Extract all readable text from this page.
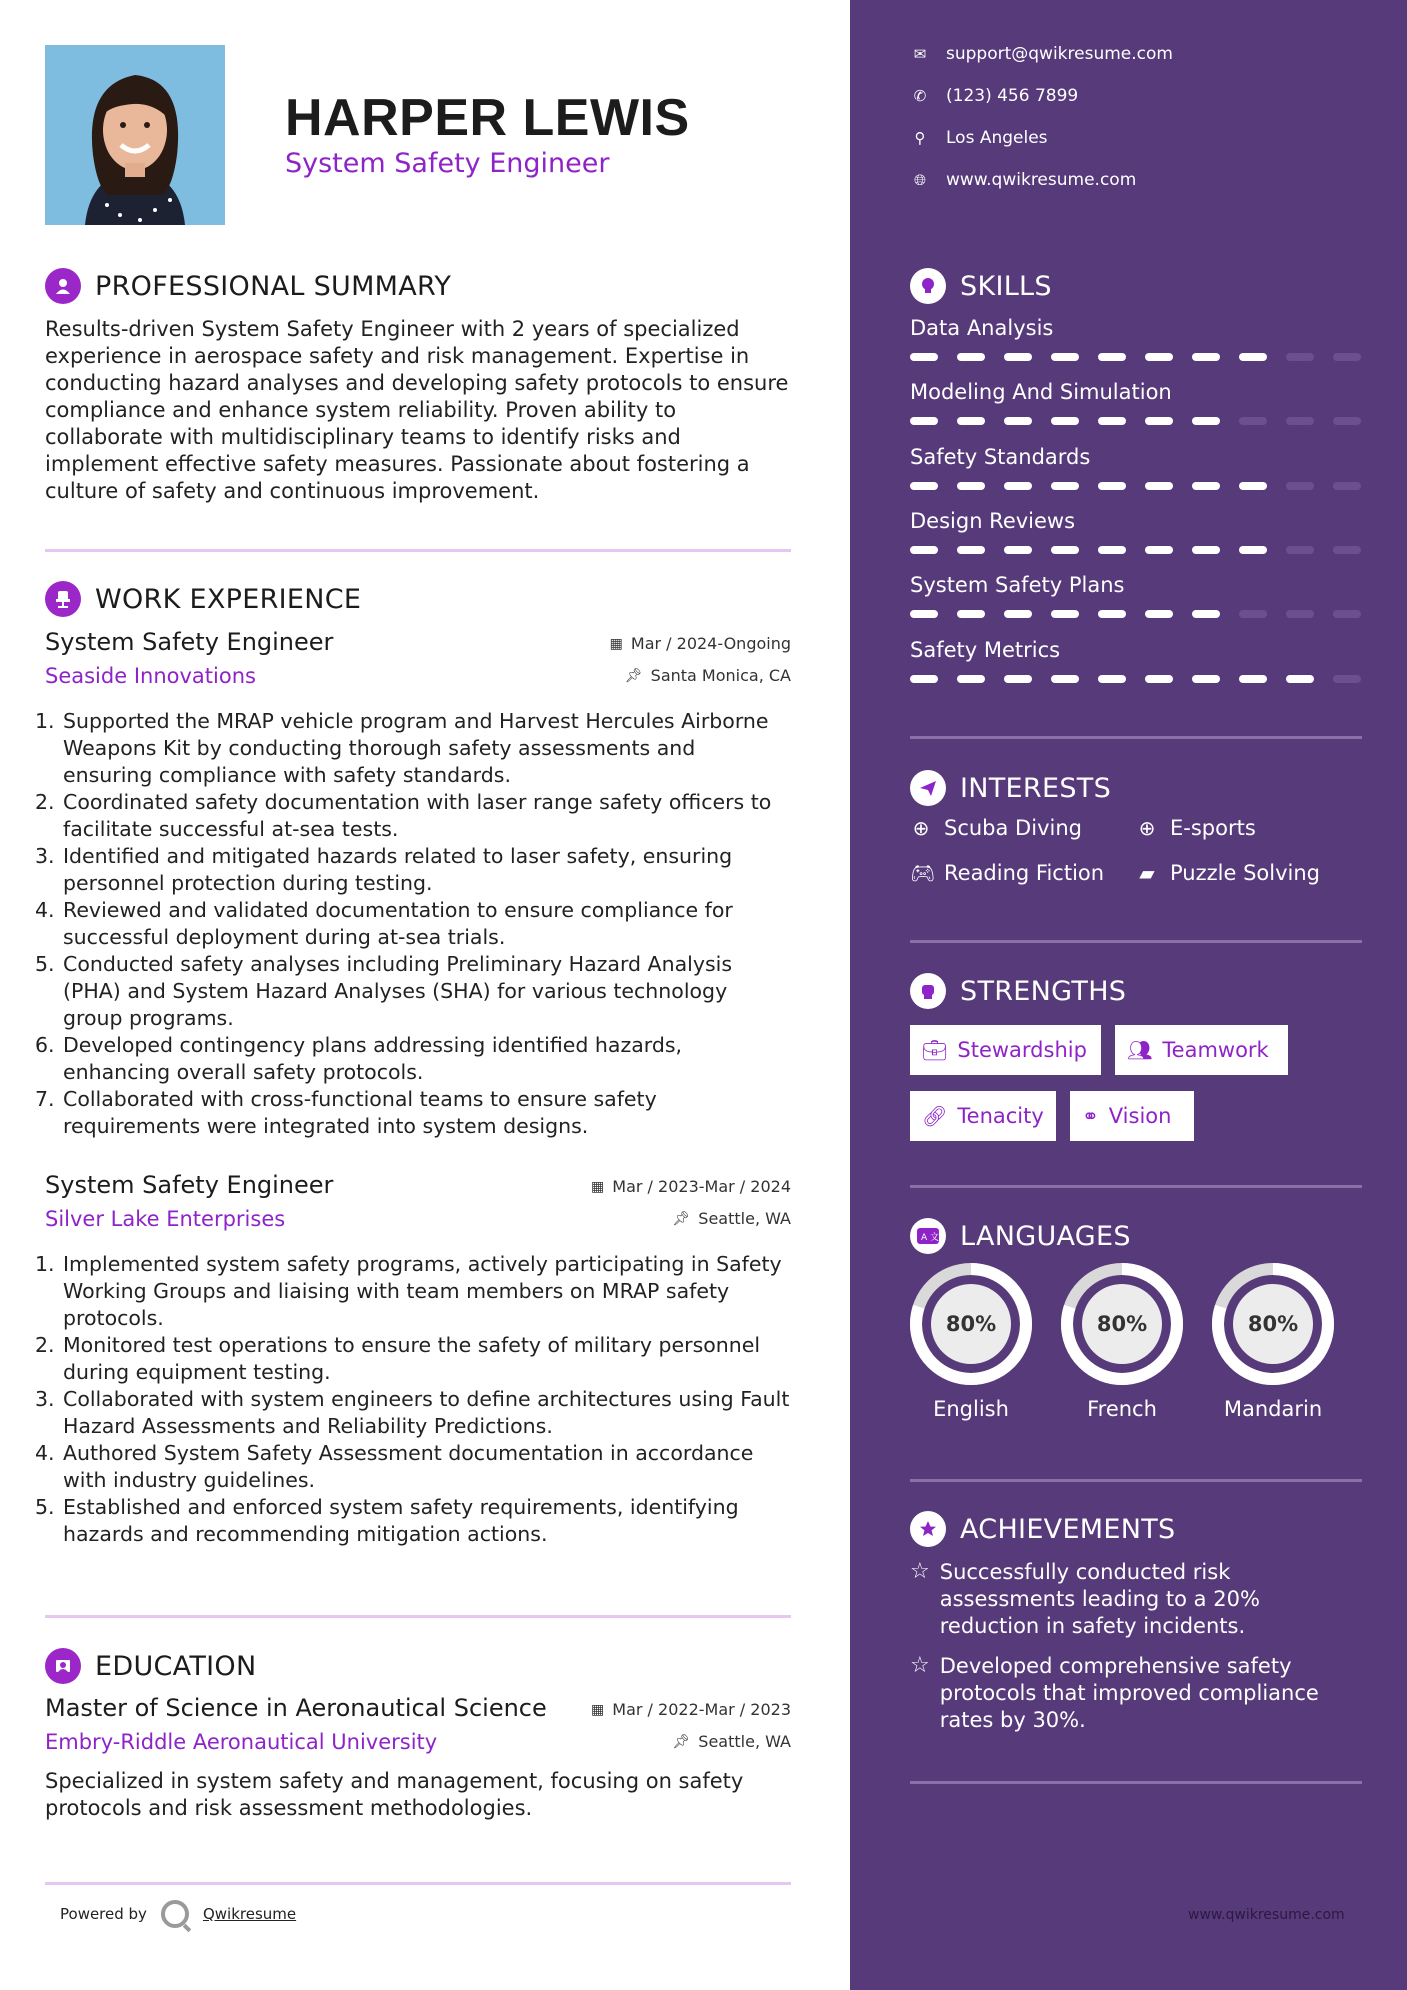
HARPER LEWIS
System Safety Engineer
PROFESSIONAL SUMMARY
Results-driven System Safety Engineer with 2 years of specialized experience in aerospace safety and risk management. Expertise in conducting hazard analyses and developing safety protocols to ensure compliance and enhance system reliability. Proven ability to collaborate with multidisciplinary teams to identify risks and implement effective safety measures. Passionate about fostering a culture of safety and continuous improvement.
WORK EXPERIENCE
System Safety Engineer
Seaside Innovations
▦ Mar / 2024-Ongoing
📌︎ Santa Monica, CA
1. Supported the MRAP vehicle program and Harvest Hercules Airborne Weapons Kit by conducting thorough safety assessments and ensuring compliance with safety standards.
2. Coordinated safety documentation with laser range safety officers to facilitate successful at-sea tests.
3. Identified and mitigated hazards related to laser safety, ensuring personnel protection during testing.
4. Reviewed and validated documentation to ensure compliance for successful deployment during at-sea trials.
5. Conducted safety analyses including Preliminary Hazard Analysis (PHA) and System Hazard Analyses (SHA) for various technology group programs.
6. Developed contingency plans addressing identified hazards, enhancing overall safety protocols.
7. Collaborated with cross-functional teams to ensure safety requirements were integrated into system designs.
System Safety Engineer
Silver Lake Enterprises
▦ Mar / 2023-Mar / 2024
📌︎ Seattle, WA
1. Implemented system safety programs, actively participating in Safety Working Groups and liaising with team members on MRAP safety protocols.
2. Monitored test operations to ensure the safety of military personnel during equipment testing.
3. Collaborated with system engineers to define architectures using Fault Hazard Assessments and Reliability Predictions.
4. Authored System Safety Assessment documentation in accordance with industry guidelines.
5. Established and enforced system safety requirements, identifying hazards and recommending mitigation actions.
EDUCATION
Master of Science in Aeronautical Science
Embry-Riddle Aeronautical University
▦ Mar / 2022-Mar / 2023
📌︎ Seattle, WA
Specialized in system safety and management, focusing on safety protocols and risk assessment methodologies.
Powered by	Qwikresume
✉ support@qwikresume.com
✆ (123) 456 7899
⚲ Los Angeles
🌐︎ www.qwikresume.com
SKILLS
Data Analysis
Modeling And Simulation
Safety Standards
Design Reviews
System Safety Plans
Safety Metrics
INTERESTS
⊕ Scuba Diving	⊕ E-sports
🎮︎ Reading Fiction ▰ Puzzle Solving
STRENGTHS
💼︎ Stewardship 👥︎ Teamwork
🔗︎ Tenacity ⚭ Vision
A 文 LANGUAGES
80%
English
80%
French
80%
Mandarin
ACHIEVEMENTS
☆ Successfully conducted risk assessments leading to a 20% reduction in safety incidents.
☆ Developed comprehensive safety protocols that improved compliance rates by 30%.
www.qwikresume.com
